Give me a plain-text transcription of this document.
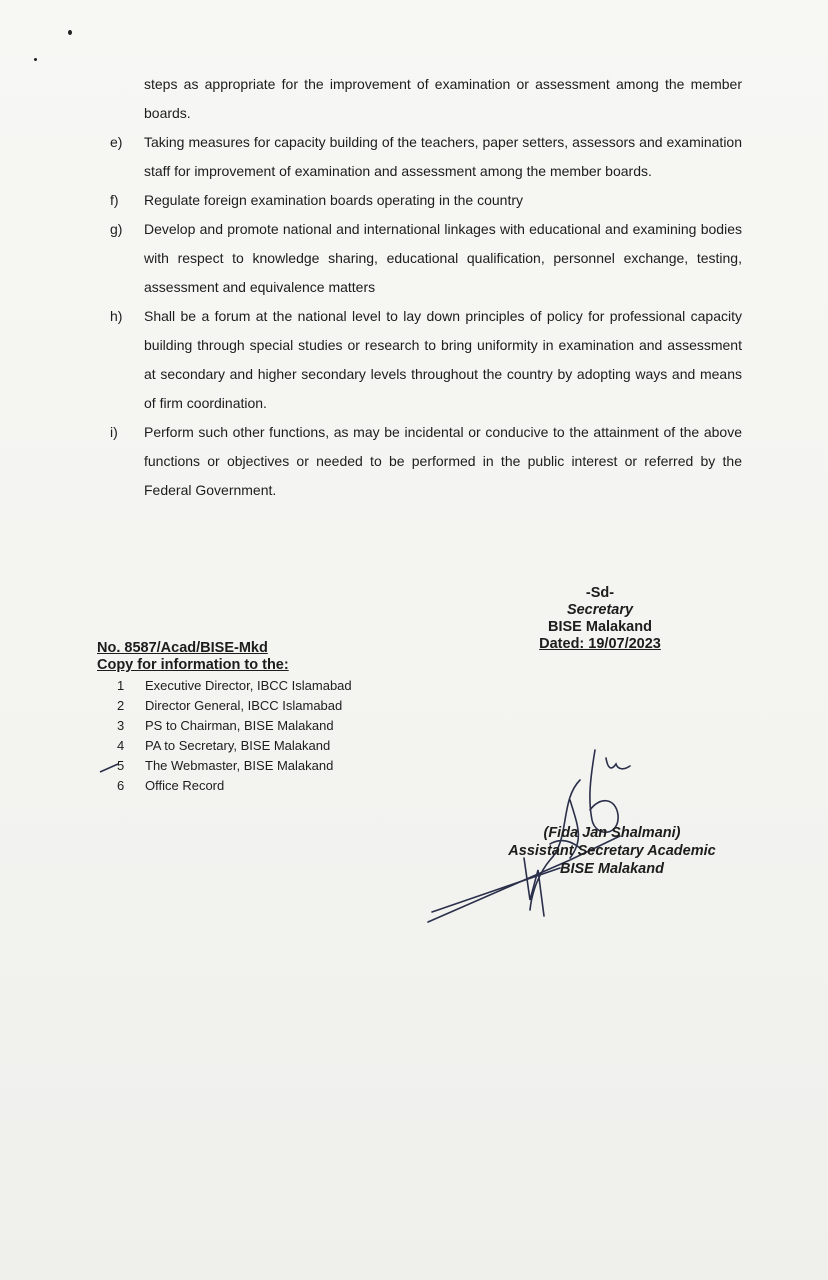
steps as appropriate for the improvement of examination or assessment among the member boards.

e)	Taking measures for capacity building of the teachers, paper setters, assessors and examination staff for improvement of examination and assessment among the member boards.
f)	Regulate foreign examination boards operating in the country
g)	Develop and promote national and international linkages with educational and examining bodies with respect to knowledge sharing, educational qualification, personnel exchange, testing, assessment and equivalence matters
h)	Shall be a forum at the national level to lay down principles of policy for professional capacity building through special studies or research to bring uniformity in examination and assessment at secondary and higher secondary levels throughout the country by adopting ways and means of firm coordination.
i)	Perform such other functions, as may be incidental or conducive to the attainment of the above functions or objectives or needed to be performed in the public interest or referred by the Federal Government.
-Sd-
Secretary
BISE Malakand
Dated: 19/07/2023
No. 8587/Acad/BISE-Mkd
Copy for information to the:
1	Executive Director, IBCC Islamabad
2	Director General, IBCC Islamabad
3	PS to Chairman, BISE Malakand
4	PA to Secretary, BISE Malakand
5	The Webmaster, BISE Malakand
6	Office Record
(Fida Jan Shalmani)
Assistant Secretary Academic
BISE Malakand
